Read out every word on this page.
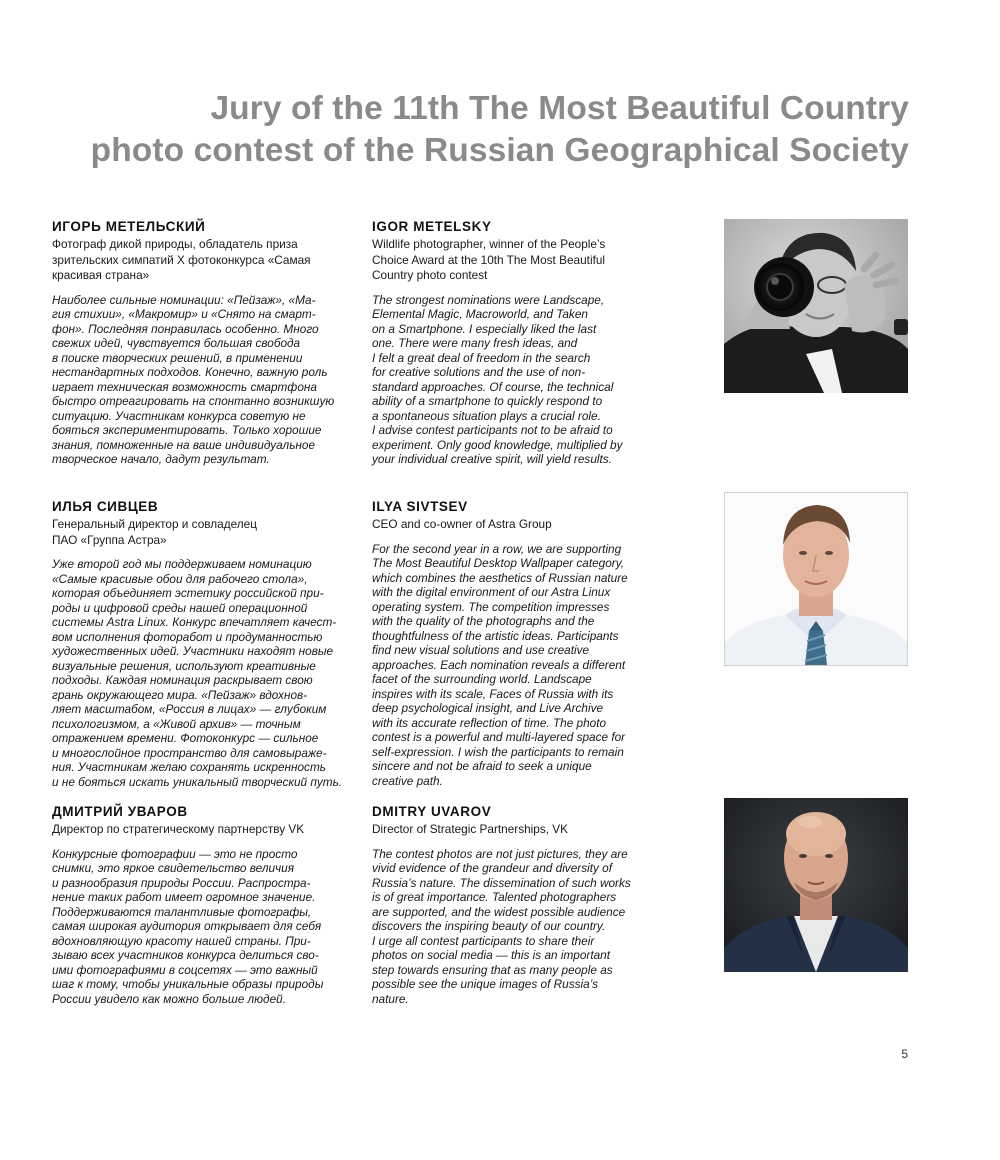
Jury of the 11th The Most Beautiful Country
photo contest of the Russian Geographical Society
ИГОРЬ МЕТЕЛЬСКИЙ
Фотограф дикой природы, обладатель приза
зрительских симпатий X фотоконкурса «Самая
красивая страна»
Наиболее сильные номинации: «Пейзаж», «Ма-
гия стихии», «Макромир» и «Снято на смарт-
фон». Последняя понравилась особенно. Много
свежих идей, чувствуется большая свобода
в поиске творческих решений, в применении
нестандартных подходов. Конечно, важную роль
играет техническая возможность смартфона
быстро отреагировать на спонтанно возникшую
ситуацию. Участникам конкурса советую не
бояться экспериментировать. Только хорошие
знания, помноженные на ваше индивидуальное
творческое начало, дадут результат.
IGOR METELSKY
Wildlife photographer, winner of the People’s
Choice Award at the 10th The Most Beautiful
Country photo contest
The strongest nominations were Landscape,
Elemental Magic, Macroworld, and Taken
on a Smartphone. I especially liked the last
one. There were many fresh ideas, and
I felt a great deal of freedom in the search
for creative solutions and the use of non-
standard approaches. Of course, the technical
ability of a smartphone to quickly respond to
a spontaneous situation plays a crucial role.
I advise contest participants not to be afraid to
experiment. Only good knowledge, multiplied by
your individual creative spirit, will yield results.
ИЛЬЯ СИВЦЕВ
Генеральный директор и совладелец
ПАО «Группа Астра»
Уже второй год мы поддерживаем номинацию
«Самые красивые обои для рабочего стола»,
которая объединяет эстетику российской при-
роды и цифровой среды нашей операционной
системы Astra Linux. Конкурс впечатляет качест-
вом исполнения фоторабот и продуманностью
художественных идей. Участники находят новые
визуальные решения, используют креативные
подходы. Каждая номинация раскрывает свою
грань окружающего мира. «Пейзаж» вдохнов-
ляет масштабом, «Россия в лицах» — глубоким
психологизмом, а «Живой архив» — точным
отражением времени. Фотоконкурс — сильное
и многослойное пространство для самовыраже-
ния. Участникам желаю сохранять искренность
и не бояться искать уникальный творческий путь.
ILYA SIVTSEV
CEO and co-owner of Astra Group
For the second year in a row, we are supporting
The Most Beautiful Desktop Wallpaper category,
which combines the aesthetics of Russian nature
with the digital environment of our Astra Linux
operating system. The competition impresses
with the quality of the photographs and the
thoughtfulness of the artistic ideas. Participants
find new visual solutions and use creative
approaches. Each nomination reveals a different
facet of the surrounding world. Landscape
inspires with its scale, Faces of Russia with its
deep psychological insight, and Live Archive
with its accurate reflection of time. The photo
contest is a powerful and multi-layered space for
self-expression. I wish the participants to remain
sincere and not be afraid to seek a unique
creative path.
ДМИТРИЙ УВАРОВ
Директор по стратегическому партнерству VK
Конкурсные фотографии — это не просто
снимки, это яркое свидетельство величия
и разнообразия природы России. Распростра-
нение таких работ имеет огромное значение.
Поддерживаются талантливые фотографы,
самая широкая аудитория открывает для себя
вдохновляющую красоту нашей страны. При-
зываю всех участников конкурса делиться сво-
ими фотографиями в соцсетях — это важный
шаг к тому, чтобы уникальные образы природы
России увидело как можно больше людей.
DMITRY UVAROV
Director of Strategic Partnerships, VK
The contest photos are not just pictures, they are
vivid evidence of the grandeur and diversity of
Russia’s nature. The dissemination of such works
is of great importance. Talented photographers
are supported, and the widest possible audience
discovers the inspiring beauty of our country.
I urge all contest participants to share their
photos on social media — this is an important
step towards ensuring that as many people as
possible see the unique images of Russia’s
nature.
5
